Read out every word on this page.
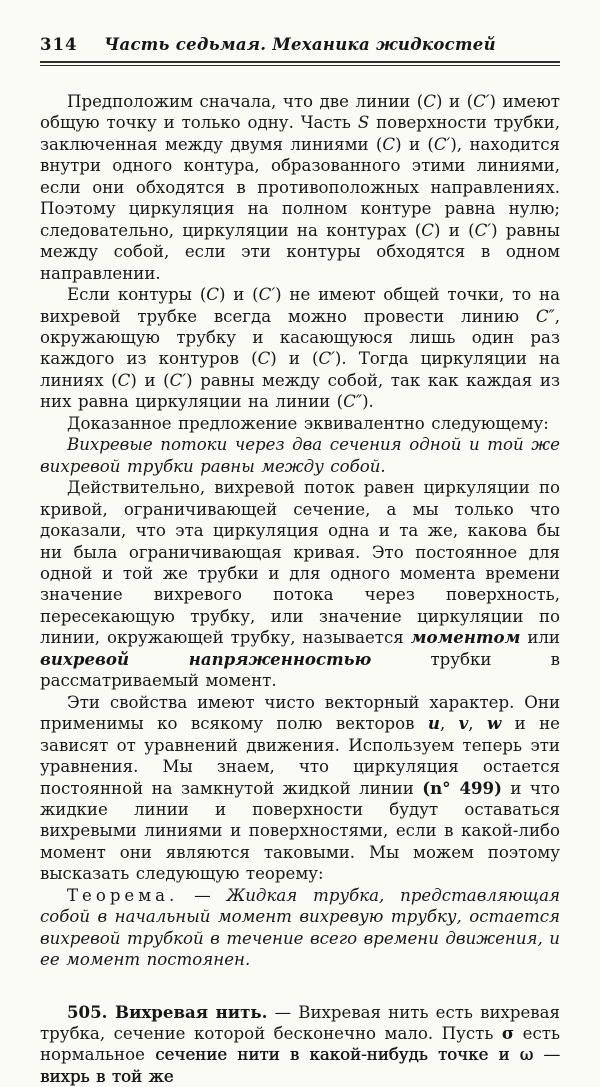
314	Часть седьмая. Механика жидкостей

Предположим сначала, что две линии (C) и (C′) имеют общую точку и только одну. Часть S поверхности трубки, заключенная между двумя линиями (C) и (C′), находится внутри одного контура, образованного этими линиями, если они обходятся в противоположных направлениях. Поэтому циркуляция на полном контуре равна нулю; следовательно, циркуляции на контурах (C) и (C′) равны между собой, если эти контуры обходятся в одном направлении.

Если контуры (C) и (C′) не имеют общей точки, то на вихревой трубке всегда можно провести линию C″, окружающую трубку и касающуюся лишь один раз каждого из контуров (C) и (C′). Тогда циркуляции на линиях (C) и (C′) равны между собой, так как каждая из них равна циркуляции на линии (C″).

Доказанное предложение эквивалентно следующему:

Вихревые потоки через два сечения одной и той же вихревой трубки равны между собой.

Действительно, вихревой поток равен циркуляции по кривой, ограничивающей сечение, а мы только что доказали, что эта циркуляция одна и та же, какова бы ни была ограничивающая кривая. Это постоянное для одной и той же трубки и для одного момента времени значение вихревого потока через поверхность, пересекающую трубку, или значение циркуляции по линии, окружающей трубку, называется моментом или вихревой напряженностью трубки в рассматриваемый момент.

Эти свойства имеют чисто векторный характер. Они применимы ко всякому полю векторов u, v, w и не зависят от уравнений движения. Используем теперь эти уравнения. Мы знаем, что циркуляция остается постоянной на замкнутой жидкой линии (n° 499) и что жидкие линии и поверхности будут оставаться вихревыми линиями и поверхностями, если в какой-либо момент они являются таковыми. Мы можем поэтому высказать следующую теорему:

Теорема. — Жидкая трубка, представляющая собой в начальный момент вихревую трубку, остается вихревой трубкой в течение всего времени движения, и ее момент постоянен.

505. Вихревая нить. — Вихревая нить есть вихревая трубка, сечение которой бесконечно мало. Пусть σ есть нормальное сечение нити в какой-нибудь точке и ω — вихрь в той же
